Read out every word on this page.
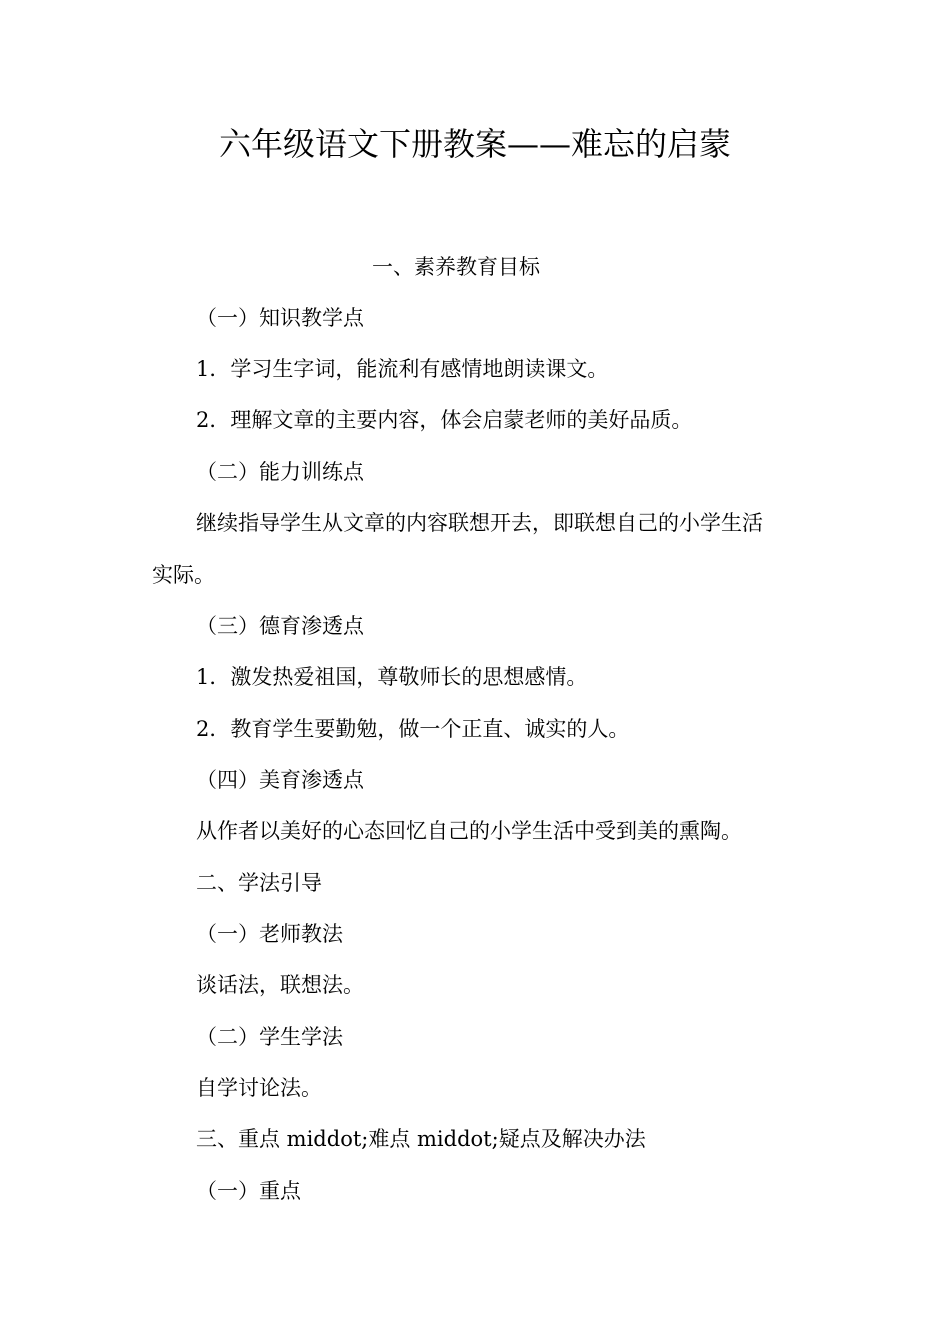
六年级语文下册教案——难忘的启蒙

一、素养教育目标

（一）知识教学点

1．学习生字词，能流利有感情地朗读课文。

2．理解文章的主要内容，体会启蒙老师的美好品质。

（二）能力训练点

继续指导学生从文章的内容联想开去，即联想自己的小学生活

实际。

（三）德育渗透点

1．激发热爱祖国，尊敬师长的思想感情。

2．教育学生要勤勉，做一个正直、诚实的人。

（四）美育渗透点

从作者以美好的心态回忆自己的小学生活中受到美的熏陶。

二、学法引导

（一）老师教法

谈话法，联想法。

（二）学生学法

自学讨论法。

三、重点 middot;难点 middot;疑点及解决办法

（一）重点
